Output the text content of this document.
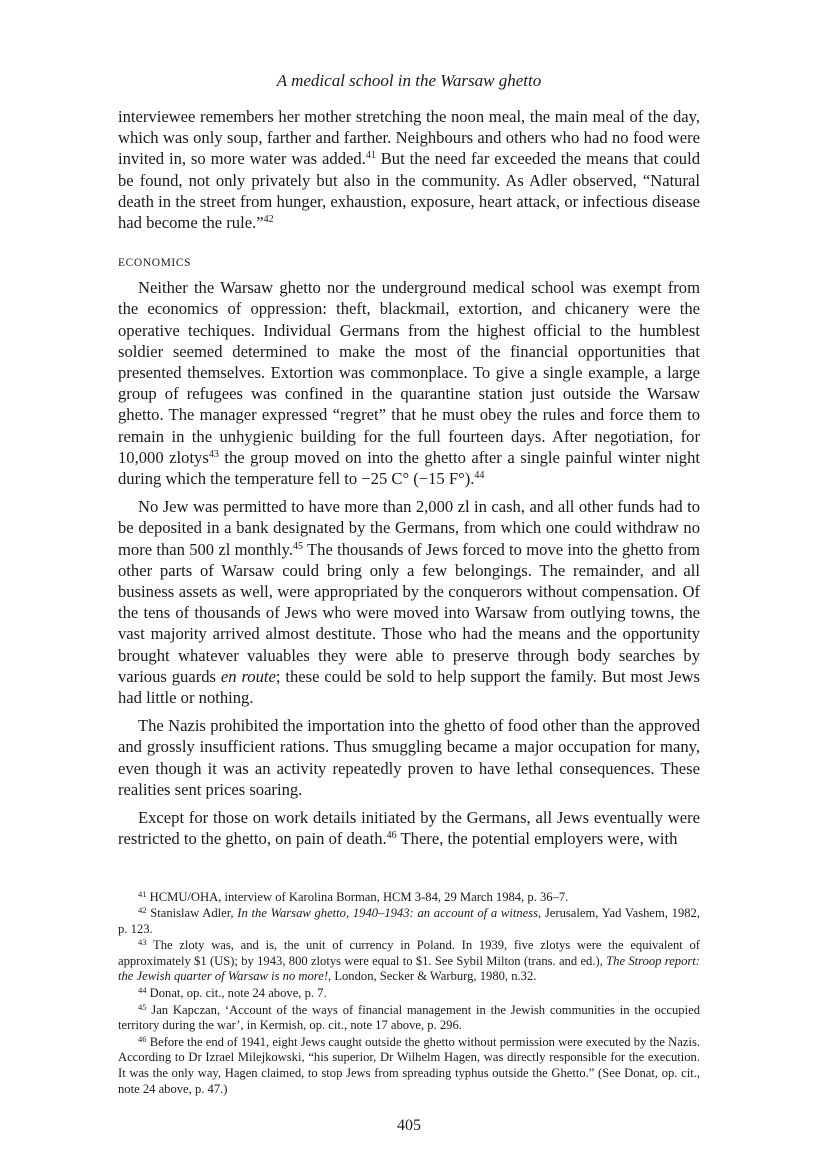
A medical school in the Warsaw ghetto

interviewee remembers her mother stretching the noon meal, the main meal of the day, which was only soup, farther and farther. Neighbours and others who had no food were invited in, so more water was added.$^{41}$ But the need far exceeded the means that could be found, not only privately but also in the community. As Adler observed, “Natural death in the street from hunger, exhaustion, exposure, heart attack, or infectious disease had become the rule.”$^{42}$

ECONOMICS

Neither the Warsaw ghetto nor the underground medical school was exempt from the economics of oppression: theft, blackmail, extortion, and chicanery were the operative techiques. Individual Germans from the highest official to the humblest soldier seemed determined to make the most of the financial opportunities that presented themselves. Extortion was commonplace. To give a single example, a large group of refugees was confined in the quarantine station just outside the Warsaw ghetto. The manager expressed “regret” that he must obey the rules and force them to remain in the unhygienic building for the full fourteen days. After negotiation, for 10,000 zlotys$^{43}$ the group moved on into the ghetto after a single painful winter night during which the temperature fell to −25 C° (−15 F°).$^{44}$

No Jew was permitted to have more than 2,000 zl in cash, and all other funds had to be deposited in a bank designated by the Germans, from which one could withdraw no more than 500 zl monthly.$^{45}$ The thousands of Jews forced to move into the ghetto from other parts of Warsaw could bring only a few belongings. The remainder, and all business assets as well, were appropriated by the conquerors without compensation. Of the tens of thousands of Jews who were moved into Warsaw from outlying towns, the vast majority arrived almost destitute. Those who had the means and the opportunity brought whatever valuables they were able to preserve through body searches by various guards en route; these could be sold to help support the family. But most Jews had little or nothing.

The Nazis prohibited the importation into the ghetto of food other than the approved and grossly insufficient rations. Thus smuggling became a major occupation for many, even though it was an activity repeatedly proven to have lethal consequences. These realities sent prices soaring.

Except for those on work details initiated by the Germans, all Jews eventually were restricted to the ghetto, on pain of death.$^{46}$ There, the potential employers were, with

$^{41}$ HCMU/OHA, interview of Karolina Borman, HCM 3-84, 29 March 1984, p. 36–7.

$^{42}$ Stanislaw Adler, In the Warsaw ghetto, 1940–1943: an account of a witness, Jerusalem, Yad Vashem, 1982, p. 123.

$^{43}$ The zloty was, and is, the unit of currency in Poland. In 1939, five zlotys were the equivalent of approximately $1 (US); by 1943, 800 zlotys were equal to $1. See Sybil Milton (trans. and ed.), The Stroop report: the Jewish quarter of Warsaw is no more!, London, Secker & Warburg, 1980, n.32.

$^{44}$ Donat, op. cit., note 24 above, p. 7.

$^{45}$ Jan Kapczan, ‘Account of the ways of financial management in the Jewish communities in the occupied territory during the war’, in Kermish, op. cit., note 17 above, p. 296.

$^{46}$ Before the end of 1941, eight Jews caught outside the ghetto without permission were executed by the Nazis. According to Dr Izrael Milejkowski, “his superior, Dr Wilhelm Hagen, was directly responsible for the execution. It was the only way, Hagen claimed, to stop Jews from spreading typhus outside the Ghetto.” (See Donat, op. cit., note 24 above, p. 47.)

405
